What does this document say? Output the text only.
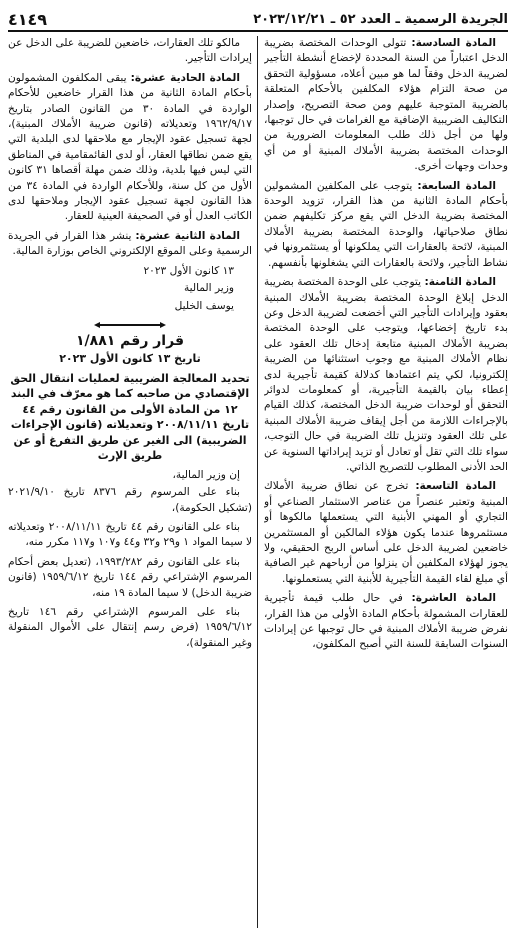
الجريدة الرسمية ـ العدد ٥٢ ـ ٢٠٢٣/١٢/٢١
٤١٤٩

المادة السادسة: تتولى الوحدات المختصة بضريبة الدخل اعتباراً من السنة المحددة لإخضاع أنشطة التأجير لضريبة الدخل وفقاً لما هو مبين أعلاه، مسؤولية التحقق من صحة التزام هؤلاء المكلفين بالأحكام المتعلقة بالضريبة المتوجبة عليهم ومن صحة التصريح، وإصدار التكاليف الضريبية الإضافية مع الغرامات في حال توجبها، ولها من أجل ذلك طلب المعلومات الضرورية من الوحدات المختصة بضريبة الأملاك المبنية أو من أي وحدات وجهات أخرى.

المادة السابعة: يتوجب على المكلفين المشمولين بأحكام المادة الثانية من هذا القرار، تزويد الوحدة المختصة بضريبة الدخل التي يقع مركز تكليفهم ضمن نطاق صلاحياتها، والوحدة المختصة بضريبة الأملاك المبنية، لائحة بالعقارات التي يملكونها أو يستثمرونها في نشاط التأجير، ولائحة بالعقارات التي يشغلونها بأنفسهم.

المادة الثامنة: يتوجب على الوحدة المختصة بضريبة الدخل إبلاغ الوحدة المختصة بضريبة الأملاك المبنية بعقود وإيرادات التأجير التي أخضعت لضريبة الدخل وعن بدء تاريخ إخضاعها، ويتوجب على الوحدة المختصة بضريبة الأملاك المبنية متابعة إدخال تلك العقود على نظام الأملاك المبنية مع وجوب استثنائها من الضريبة إلكترونيا، لكي يتم اعتمادها كدلالة كقيمة تأجيرية لدى إعطاء بيان بالقيمة التأجيرية، أو كمعلومات لدوائر التحقق أو لوحدات ضريبة الدخل المختصة، كذلك القيام بالإجراءات اللازمة من أجل إيقاف ضريبة الأملاك المبنية على تلك العقود وتنزيل تلك الضريبة في حال التوجب، سواء تلك التي تقل أو تعادل أو تزيد إيراداتها السنوية عن الحد الأدنى المطلوب للتصريح الذاتي.

المادة التاسعة: تخرج عن نطاق ضريبة الأملاك المبنية وتعتبر عنصراً من عناصر الاستثمار الصناعي أو التجاري أو المهني الأبنية التي يستعملها مالكوها أو مستثمروها عندما يكون هؤلاء المالكين أو المستثمرين خاضعين لضريبة الدخل على أساس الربح الحقيقي، ولا يجوز لهؤلاء المكلفين أن ينزلوا من أرباحهم غير الصافية أي مبلغ لقاء القيمة التأجيرية للأبنية التي يستعملونها.

المادة العاشرة: في حال طلب قيمة تأجيرية للعقارات المشمولة بأحكام المادة الأولى من هذا القرار، نفرض ضريبة الأملاك المبنية في حال توجبها عن إيرادات السنوات السابقة للسنة التي أصبح المكلفون،

مالكو تلك العقارات، خاضعين للضريبة على الدخل عن إيرادات التأجير.

المادة الحادية عشرة: يبقى المكلفون المشمولون بأحكام المادة الثانية من هذا القرار خاضعين للأحكام الواردة في المادة ٣٠ من القانون الصادر بتاريخ ١٩٦٢/٩/١٧ وتعديلاته (قانون ضريبة الأملاك المبنية)، لجهة تسجيل عقود الإيجار مع ملاحقها لدى البلدية التي يقع ضمن نطاقها العقار، أو لدى القائمقامية في المناطق التي ليس فيها بلدية، وذلك ضمن مهلة أقصاها ٣١ كانون الأول من كل سنة، وللأحكام الواردة في المادة ٣٤ من هذا القانون لجهة تسجيل عقود الإيجار وملاحقها لدى الكاتب العدل أو في الصحيفة العينية للعقار.

المادة الثانية عشرة: ينشر هذا القرار في الجريدة الرسمية وعلى الموقع الإلكتروني الخاص بوزارة المالية.

١٣ كانون الأول ٢٠٢٣

وزير المالية

يوسف الخليل

قرار رقم ١/٨٨١
تاريخ ١٣ كانون الأول ٢٠٢٣
تحديد المعالجة الضريبية لعمليات انتقال الحق الإقتصادي من صاحبه كما هو معرّف في البند ١٢ من المادة الأولى من القانون رقم ٤٤ تاريخ ٢٠٠٨/١١/١١ وتعديلاته (قانون الإجراءات الضريبية) الى الغير عن طريق التفرغ أو عن طريق الإرث

إن وزير المالية،

بناء على المرسوم رقم ٨٣٧٦ تاريخ ٢٠٢١/٩/١٠ (تشكيل الحكومة)،

بناء على القانون رقم ٤٤ تاريخ ٢٠٠٨/١١/١١ وتعديلاته لا سيما المواد ١ و٢٩ و٣٢ و٤٤ و١٠٧ و١١٧ مكرر منه،

بناء على القانون رقم ١٩٩٣/٢٨٢، (تعديل بعض أحكام المرسوم الإشتراعي رقم ١٤٤ تاريخ ١٩٥٩/٦/١٢ (قانون ضريبة الدخل) لا سيما المادة ١٩ منه،

بناء على المرسوم الإشتراعي رقم ١٤٦ تاريخ ١٩٥٩/٦/١٢ (فرض رسم إنتقال على الأموال المنقولة وغير المنقولة)،
